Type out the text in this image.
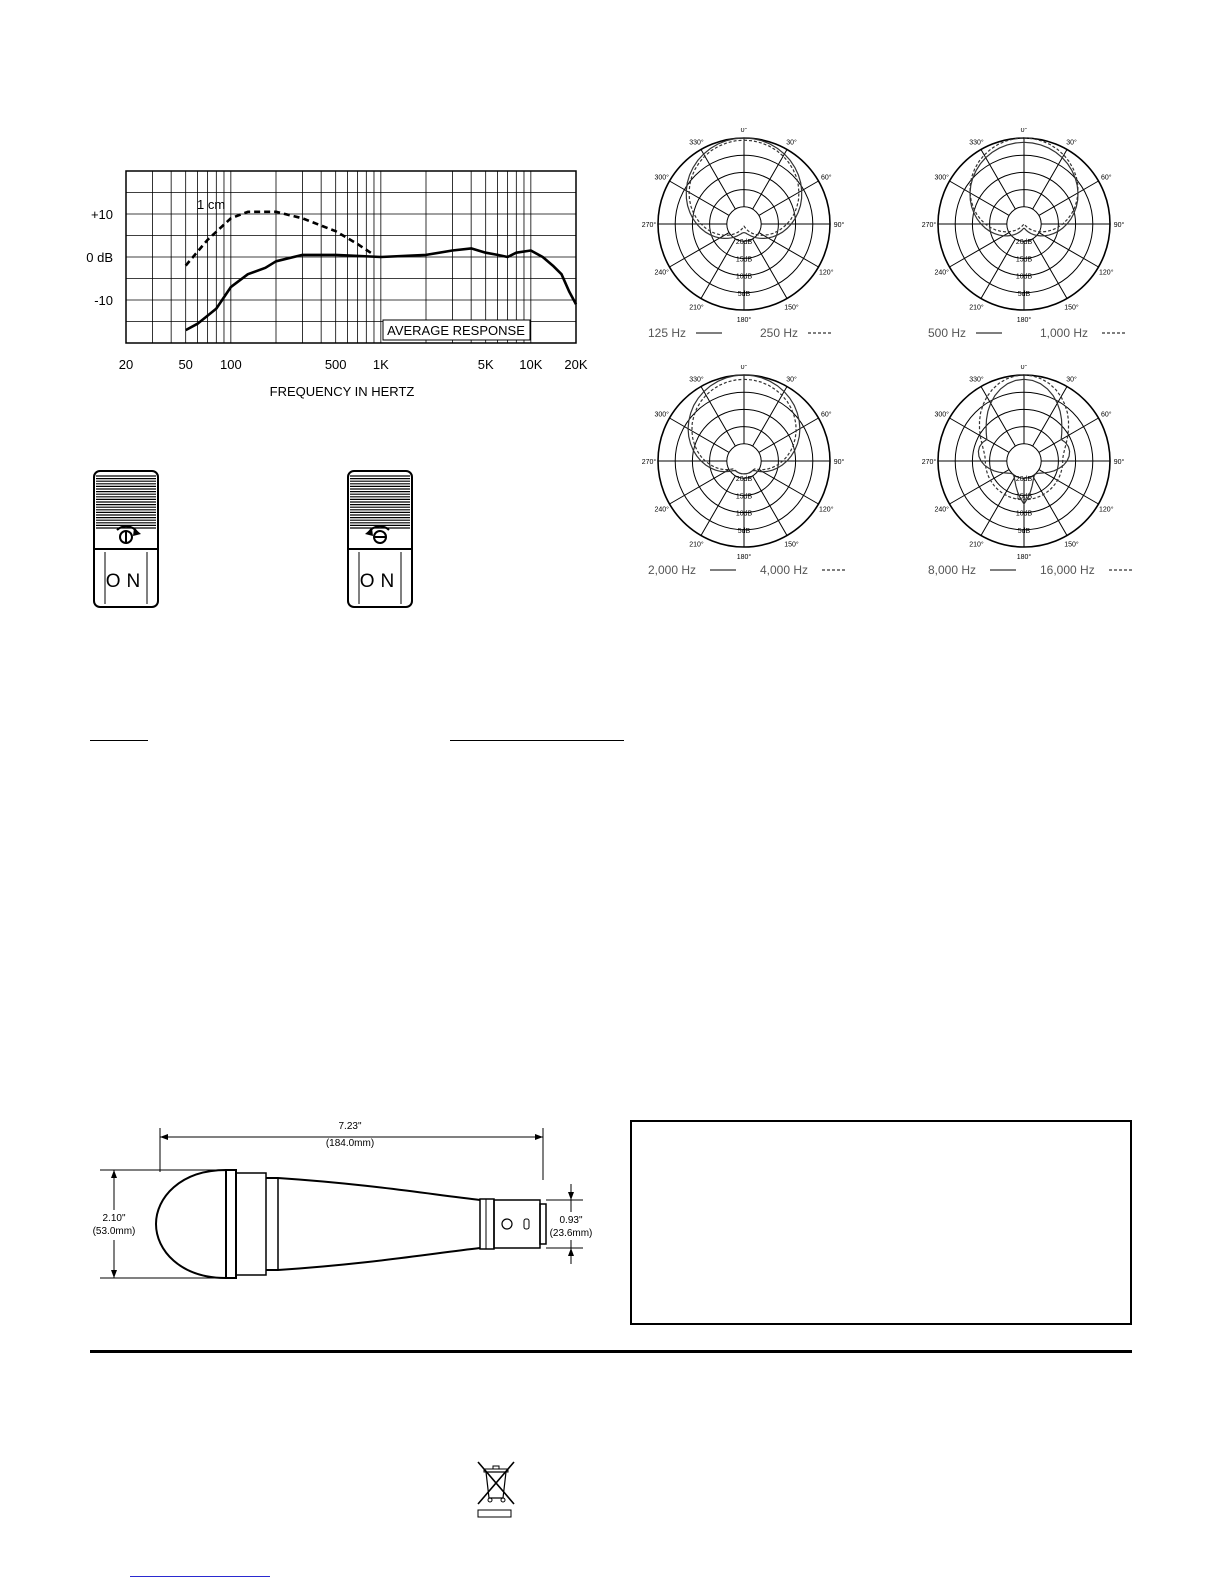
AVERAGE RESPONSE
1 cm
+10
0 dB
-10
20	50 100	500 1K	5K 10K 20K
FREQUENCY IN HERTZ
ON	ON
0°
30°
60°
90°
120°
150°
180°
210°
240°
270°
300°
330°
20dB
15dB
10dB
5dB
125 Hz	250 Hz
0°
30°
60°
90°
120°
150°
180°
210°
240°
270°
300°
330°
20dB
15dB
10dB
5dB
500 Hz	1,000 Hz
0°
30°
60°
90°
120°
150°
180°
210°
240°
270°
300°
330°
20dB
15dB
10dB
5dB
2,000 Hz	4,000 Hz
0°
30°
60°
90°
120°
150°
180°
210°
240°
270°
300°
330°
20dB
15dB
10dB
5dB
8,000 Hz	16,000 Hz
7.23"
(184.0mm)
2.10"
(53.0mm)
0.93"
(23.6mm)
